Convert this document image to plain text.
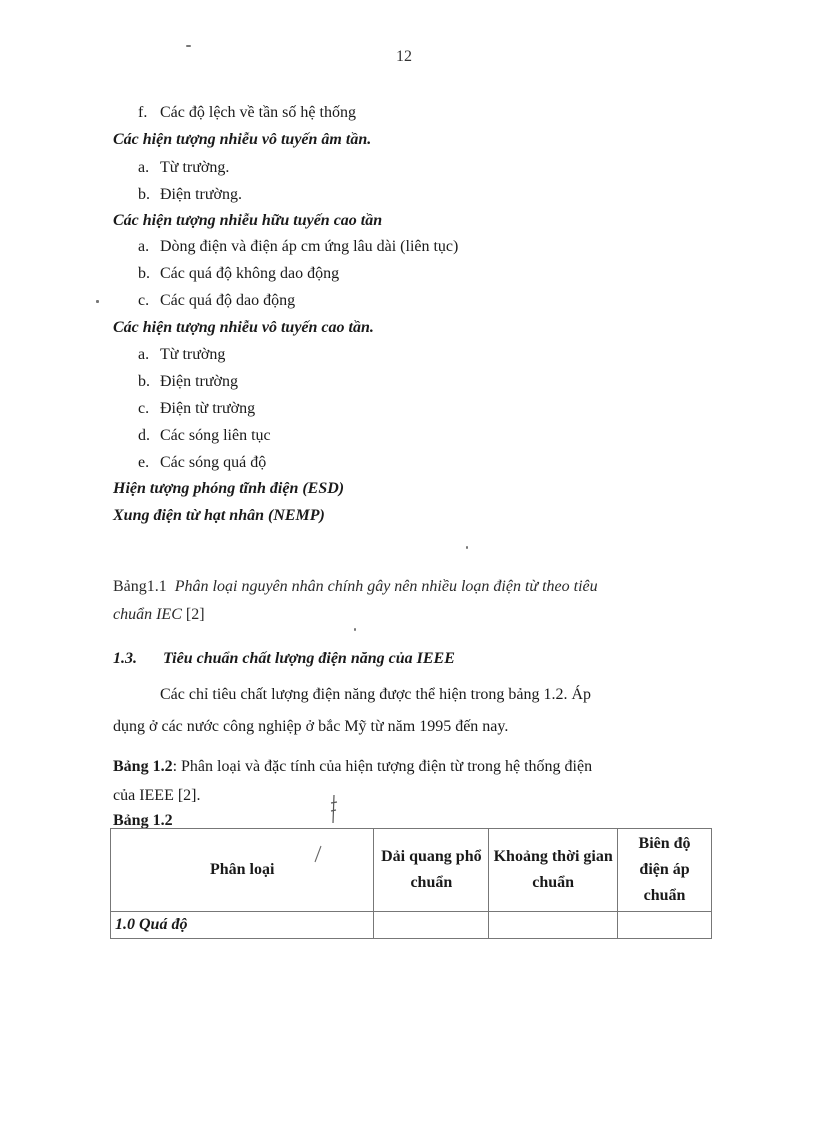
12
f. Các độ lệch về tần số hệ thống
Các hiện tượng nhiễu vô tuyến âm tần.
a. Từ trường.
b. Điện trường.
Các hiện tượng nhiễu hữu tuyến cao tần
a. Dòng điện và điện áp cm ứng lâu dài (liên tục)
b. Các quá độ không dao động
c. Các quá độ dao động
Các hiện tượng nhiễu vô tuyến cao tần.
a. Từ trường
b. Điện trường
c. Điện từ trường
d. Các sóng liên tục
e. Các sóng quá độ
Hiện tượng phóng tĩnh điện (ESD)
Xung điện từ hạt nhân (NEMP)
Bảng1.1 Phân loại nguyên nhân chính gây nên nhiều loạn điện từ theo tiêu
chuẩn IEC [2]
1.3. Tiêu chuẩn chất lượng điện năng của IEEE
Các chỉ tiêu chất lượng điện năng được thể hiện trong bảng 1.2. Áp
dụng ở các nước công nghiệp ở bắc Mỹ từ năm 1995 đến nay.
Bảng 1.2: Phân loại và đặc tính của hiện tượng điện từ trong hệ thống điện
của IEEE [2].
Bảng 1.2
Phân loại	Dải quang phổ chuẩn	Khoảng thời gian chuẩn	Biên độ điện áp chuẩn
1.0 Quá độ			
